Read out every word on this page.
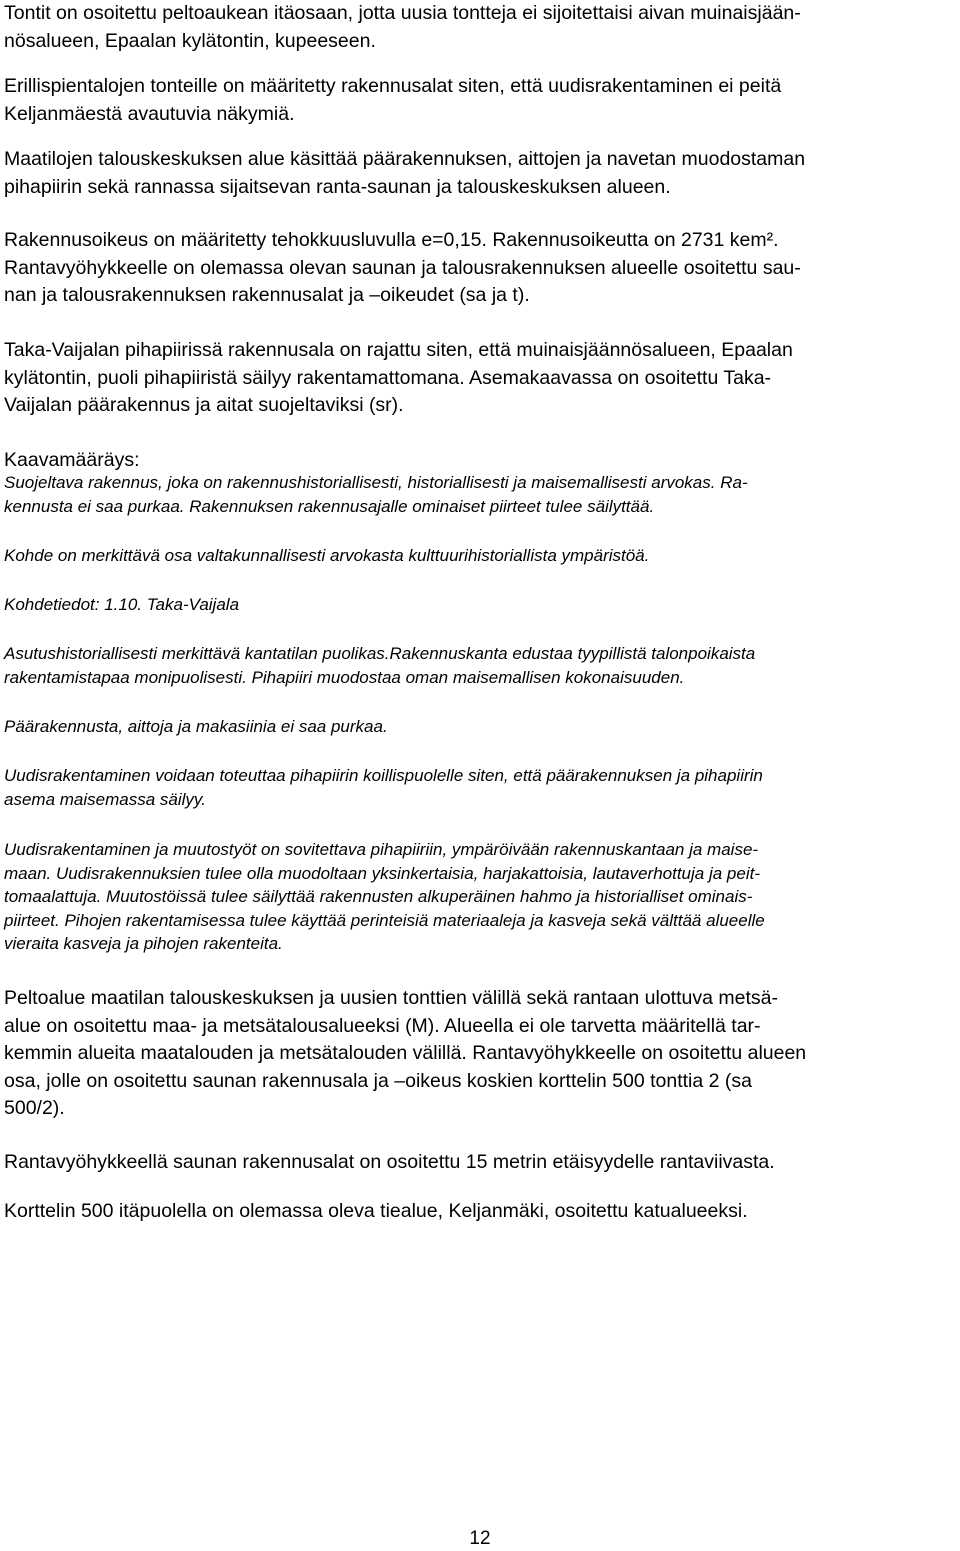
Tontit on osoitettu peltoaukean itäosaan, jotta uusia tontteja ei sijoitettaisi aivan muinaisjään-
nösalueen, Epaalan kylätontin, kupeeseen.
Erillispientalojen tonteille on määritetty rakennusalat siten, että uudisrakentaminen ei peitä
Keljanmäestä avautuvia näkymiä.
Maatilojen talouskeskuksen alue käsittää päärakennuksen, aittojen ja navetan muodostaman
pihapiirin sekä rannassa sijaitsevan ranta-saunan ja talouskeskuksen alueen.
Rakennusoikeus on määritetty tehokkuusluvulla e=0,15. Rakennusoikeutta on 2731 kem².
Rantavyöhykkeelle on olemassa olevan saunan ja talousrakennuksen alueelle osoitettu sau-
nan ja talousrakennuksen rakennusalat ja –oikeudet (sa ja t).
Taka-Vaijalan pihapiirissä rakennusala on rajattu siten, että muinaisjäännösalueen, Epaalan
kylätontin, puoli pihapiiristä säilyy rakentamattomana. Asemakaavassa on osoitettu Taka-
Vaijalan päärakennus ja aitat suojeltaviksi (sr).
Kaavamääräys:
Suojeltava rakennus, joka on rakennushistoriallisesti, historiallisesti ja maisemallisesti arvokas. Ra-
kennusta ei saa purkaa. Rakennuksen rakennusajalle ominaiset piirteet tulee säilyttää.
Kohde on merkittävä osa valtakunnallisesti arvokasta kulttuurihistoriallista ympäristöä.
Kohdetiedot: 1.10. Taka-Vaijala
Asutushistoriallisesti merkittävä kantatilan puolikas.Rakennuskanta edustaa tyypillistä talonpoikaista
rakentamistapaa monipuolisesti. Pihapiiri muodostaa oman maisemallisen kokonaisuuden.
Päärakennusta, aittoja ja makasiinia ei saa purkaa.
Uudisrakentaminen voidaan toteuttaa pihapiirin koillispuolelle siten, että päärakennuksen ja pihapiirin
asema maisemassa säilyy.
Uudisrakentaminen ja muutostyöt on sovitettava pihapiiriin, ympäröivään rakennuskantaan ja maise-
maan. Uudisrakennuksien tulee olla muodoltaan yksinkertaisia, harjakattoisia, lautaverhottuja ja peit-
tomaalattuja. Muutostöissä tulee säilyttää rakennusten alkuperäinen hahmo ja historialliset ominais-
piirteet. Pihojen rakentamisessa tulee käyttää perinteisiä materiaaleja ja kasveja sekä välttää alueelle
vieraita kasveja ja pihojen rakenteita.
Peltoalue maatilan talouskeskuksen ja uusien tonttien välillä sekä rantaan ulottuva metsä-
alue on osoitettu maa- ja metsätalousalueeksi (M). Alueella ei ole tarvetta määritellä tar-
kemmin alueita maatalouden ja metsätalouden välillä. Rantavyöhykkeelle on osoitettu alueen
osa, jolle on osoitettu saunan rakennusala ja –oikeus koskien korttelin 500 tonttia 2 (sa
500/2).
Rantavyöhykkeellä saunan rakennusalat on osoitettu 15 metrin etäisyydelle rantaviivasta.
Korttelin 500 itäpuolella on olemassa oleva tiealue, Keljanmäki, osoitettu katualueeksi.
12
